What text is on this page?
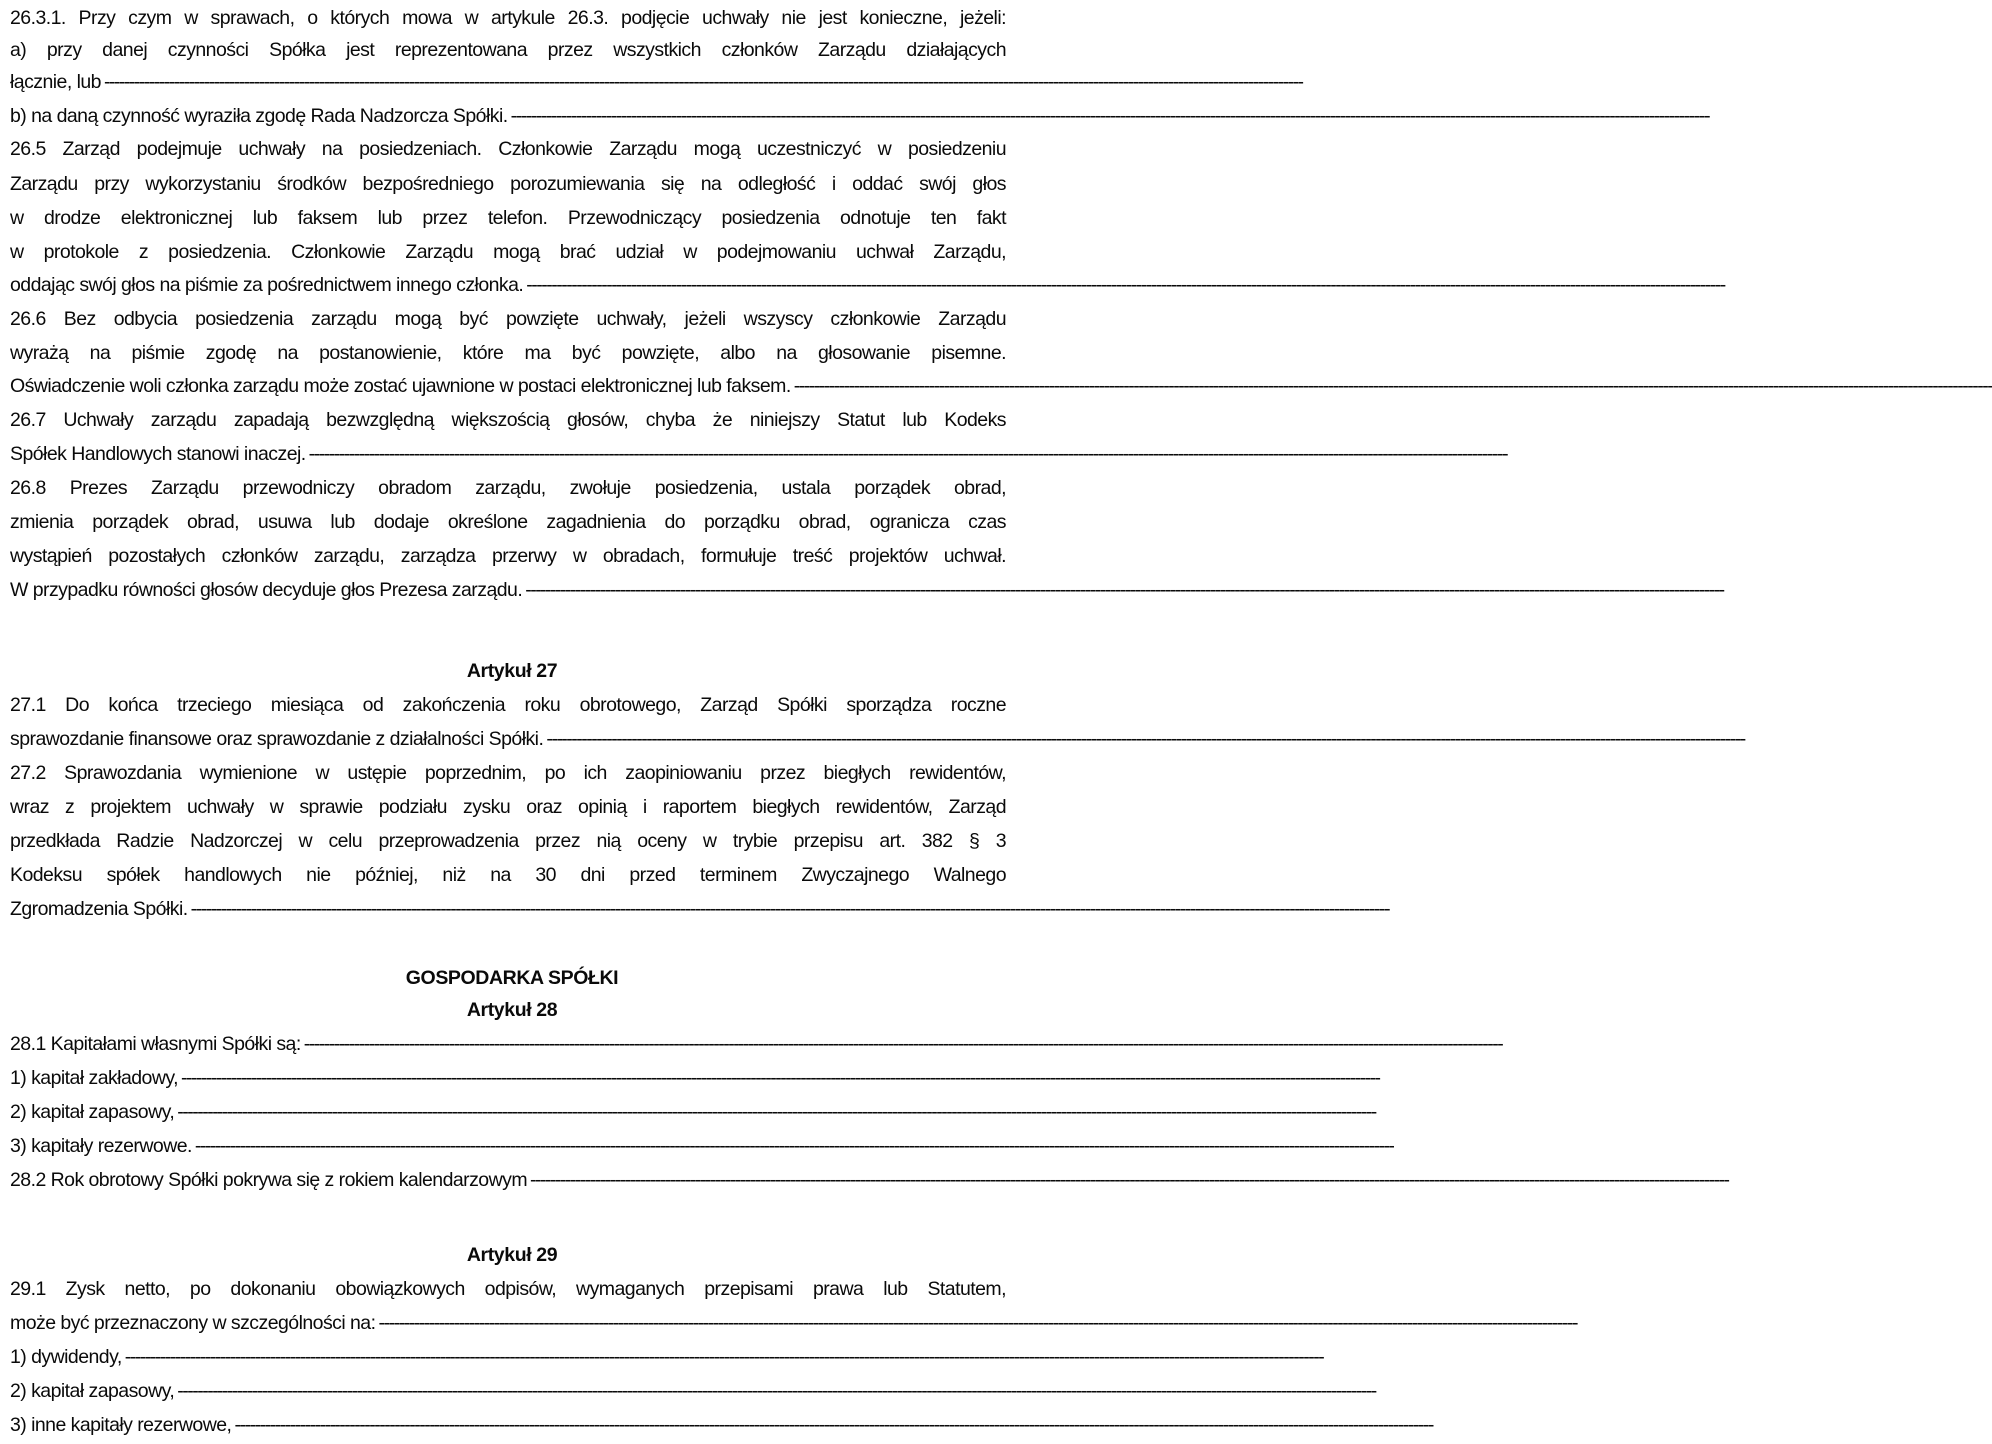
26.3.1. Przy czym w sprawach, o których mowa w artykule 26.3. podjęcie uchwały nie jest konieczne, jeżeli:
a) przy danej czynności Spółka jest reprezentowana przez wszystkich członków Zarządu działających
łącznie, lub ------------------------------------------------------------------------------------------------------------------------------------------------------------------------------------------------------------------------------------------------
b) na daną czynność wyraziła zgodę Rada Nadzorcza Spółki. ------------------------------------------------------------------------------------------------------------------------------------------------------------------------------------------------------------------------------------------------
26.5 Zarząd podejmuje uchwały na posiedzeniach. Członkowie Zarządu mogą uczestniczyć w posiedzeniu
Zarządu przy wykorzystaniu środków bezpośredniego porozumiewania się na odległość i oddać swój głos
w drodze elektronicznej lub faksem lub przez telefon. Przewodniczący posiedzenia odnotuje ten fakt
w protokole z posiedzenia. Członkowie Zarządu mogą brać udział w podejmowaniu uchwał Zarządu,
oddając swój głos na piśmie za pośrednictwem innego członka. ------------------------------------------------------------------------------------------------------------------------------------------------------------------------------------------------------------------------------------------------
26.6 Bez odbycia posiedzenia zarządu mogą być powzięte uchwały, jeżeli wszyscy członkowie Zarządu
wyrażą na piśmie zgodę na postanowienie, które ma być powzięte, albo na głosowanie pisemne.
Oświadczenie woli członka zarządu może zostać ujawnione w postaci elektronicznej lub faksem. ------------------------------------------------------------------------------------------------------------------------------------------------------------------------------------------------------------------------------------------------
26.7 Uchwały zarządu zapadają bezwzględną większością głosów, chyba że niniejszy Statut lub Kodeks
Spółek Handlowych stanowi inaczej. ------------------------------------------------------------------------------------------------------------------------------------------------------------------------------------------------------------------------------------------------
26.8 Prezes Zarządu przewodniczy obradom zarządu, zwołuje posiedzenia, ustala porządek obrad,
zmienia porządek obrad, usuwa lub dodaje określone zagadnienia do porządku obrad, ogranicza czas
wystąpień pozostałych członków zarządu, zarządza przerwy w obradach, formułuje treść projektów uchwał.
W przypadku równości głosów decyduje głos Prezesa zarządu. ------------------------------------------------------------------------------------------------------------------------------------------------------------------------------------------------------------------------------------------------
Artykuł 27
27.1 Do końca trzeciego miesiąca od zakończenia roku obrotowego, Zarząd Spółki sporządza roczne
sprawozdanie finansowe oraz sprawozdanie z działalności Spółki. ------------------------------------------------------------------------------------------------------------------------------------------------------------------------------------------------------------------------------------------------
27.2 Sprawozdania wymienione w ustępie poprzednim, po ich zaopiniowaniu przez biegłych rewidentów,
wraz z projektem uchwały w sprawie podziału zysku oraz opinią i raportem biegłych rewidentów, Zarząd
przedkłada Radzie Nadzorczej w celu przeprowadzenia przez nią oceny w trybie przepisu art. 382 § 3
Kodeksu spółek handlowych nie później, niż na 30 dni przed terminem Zwyczajnego Walnego
Zgromadzenia Spółki. ------------------------------------------------------------------------------------------------------------------------------------------------------------------------------------------------------------------------------------------------
GOSPODARKA SPÓŁKI
Artykuł 28
28.1 Kapitałami własnymi Spółki są: ------------------------------------------------------------------------------------------------------------------------------------------------------------------------------------------------------------------------------------------------
1) kapitał zakładowy, ------------------------------------------------------------------------------------------------------------------------------------------------------------------------------------------------------------------------------------------------
2) kapitał zapasowy, ------------------------------------------------------------------------------------------------------------------------------------------------------------------------------------------------------------------------------------------------
3) kapitały rezerwowe. ------------------------------------------------------------------------------------------------------------------------------------------------------------------------------------------------------------------------------------------------
28.2 Rok obrotowy Spółki pokrywa się z rokiem kalendarzowym ------------------------------------------------------------------------------------------------------------------------------------------------------------------------------------------------------------------------------------------------
Artykuł 29
29.1 Zysk netto, po dokonaniu obowiązkowych odpisów, wymaganych przepisami prawa lub Statutem,
może być przeznaczony w szczególności na: ------------------------------------------------------------------------------------------------------------------------------------------------------------------------------------------------------------------------------------------------
1) dywidendy, ------------------------------------------------------------------------------------------------------------------------------------------------------------------------------------------------------------------------------------------------
2) kapitał zapasowy, ------------------------------------------------------------------------------------------------------------------------------------------------------------------------------------------------------------------------------------------------
3) inne kapitały rezerwowe, ------------------------------------------------------------------------------------------------------------------------------------------------------------------------------------------------------------------------------------------------
